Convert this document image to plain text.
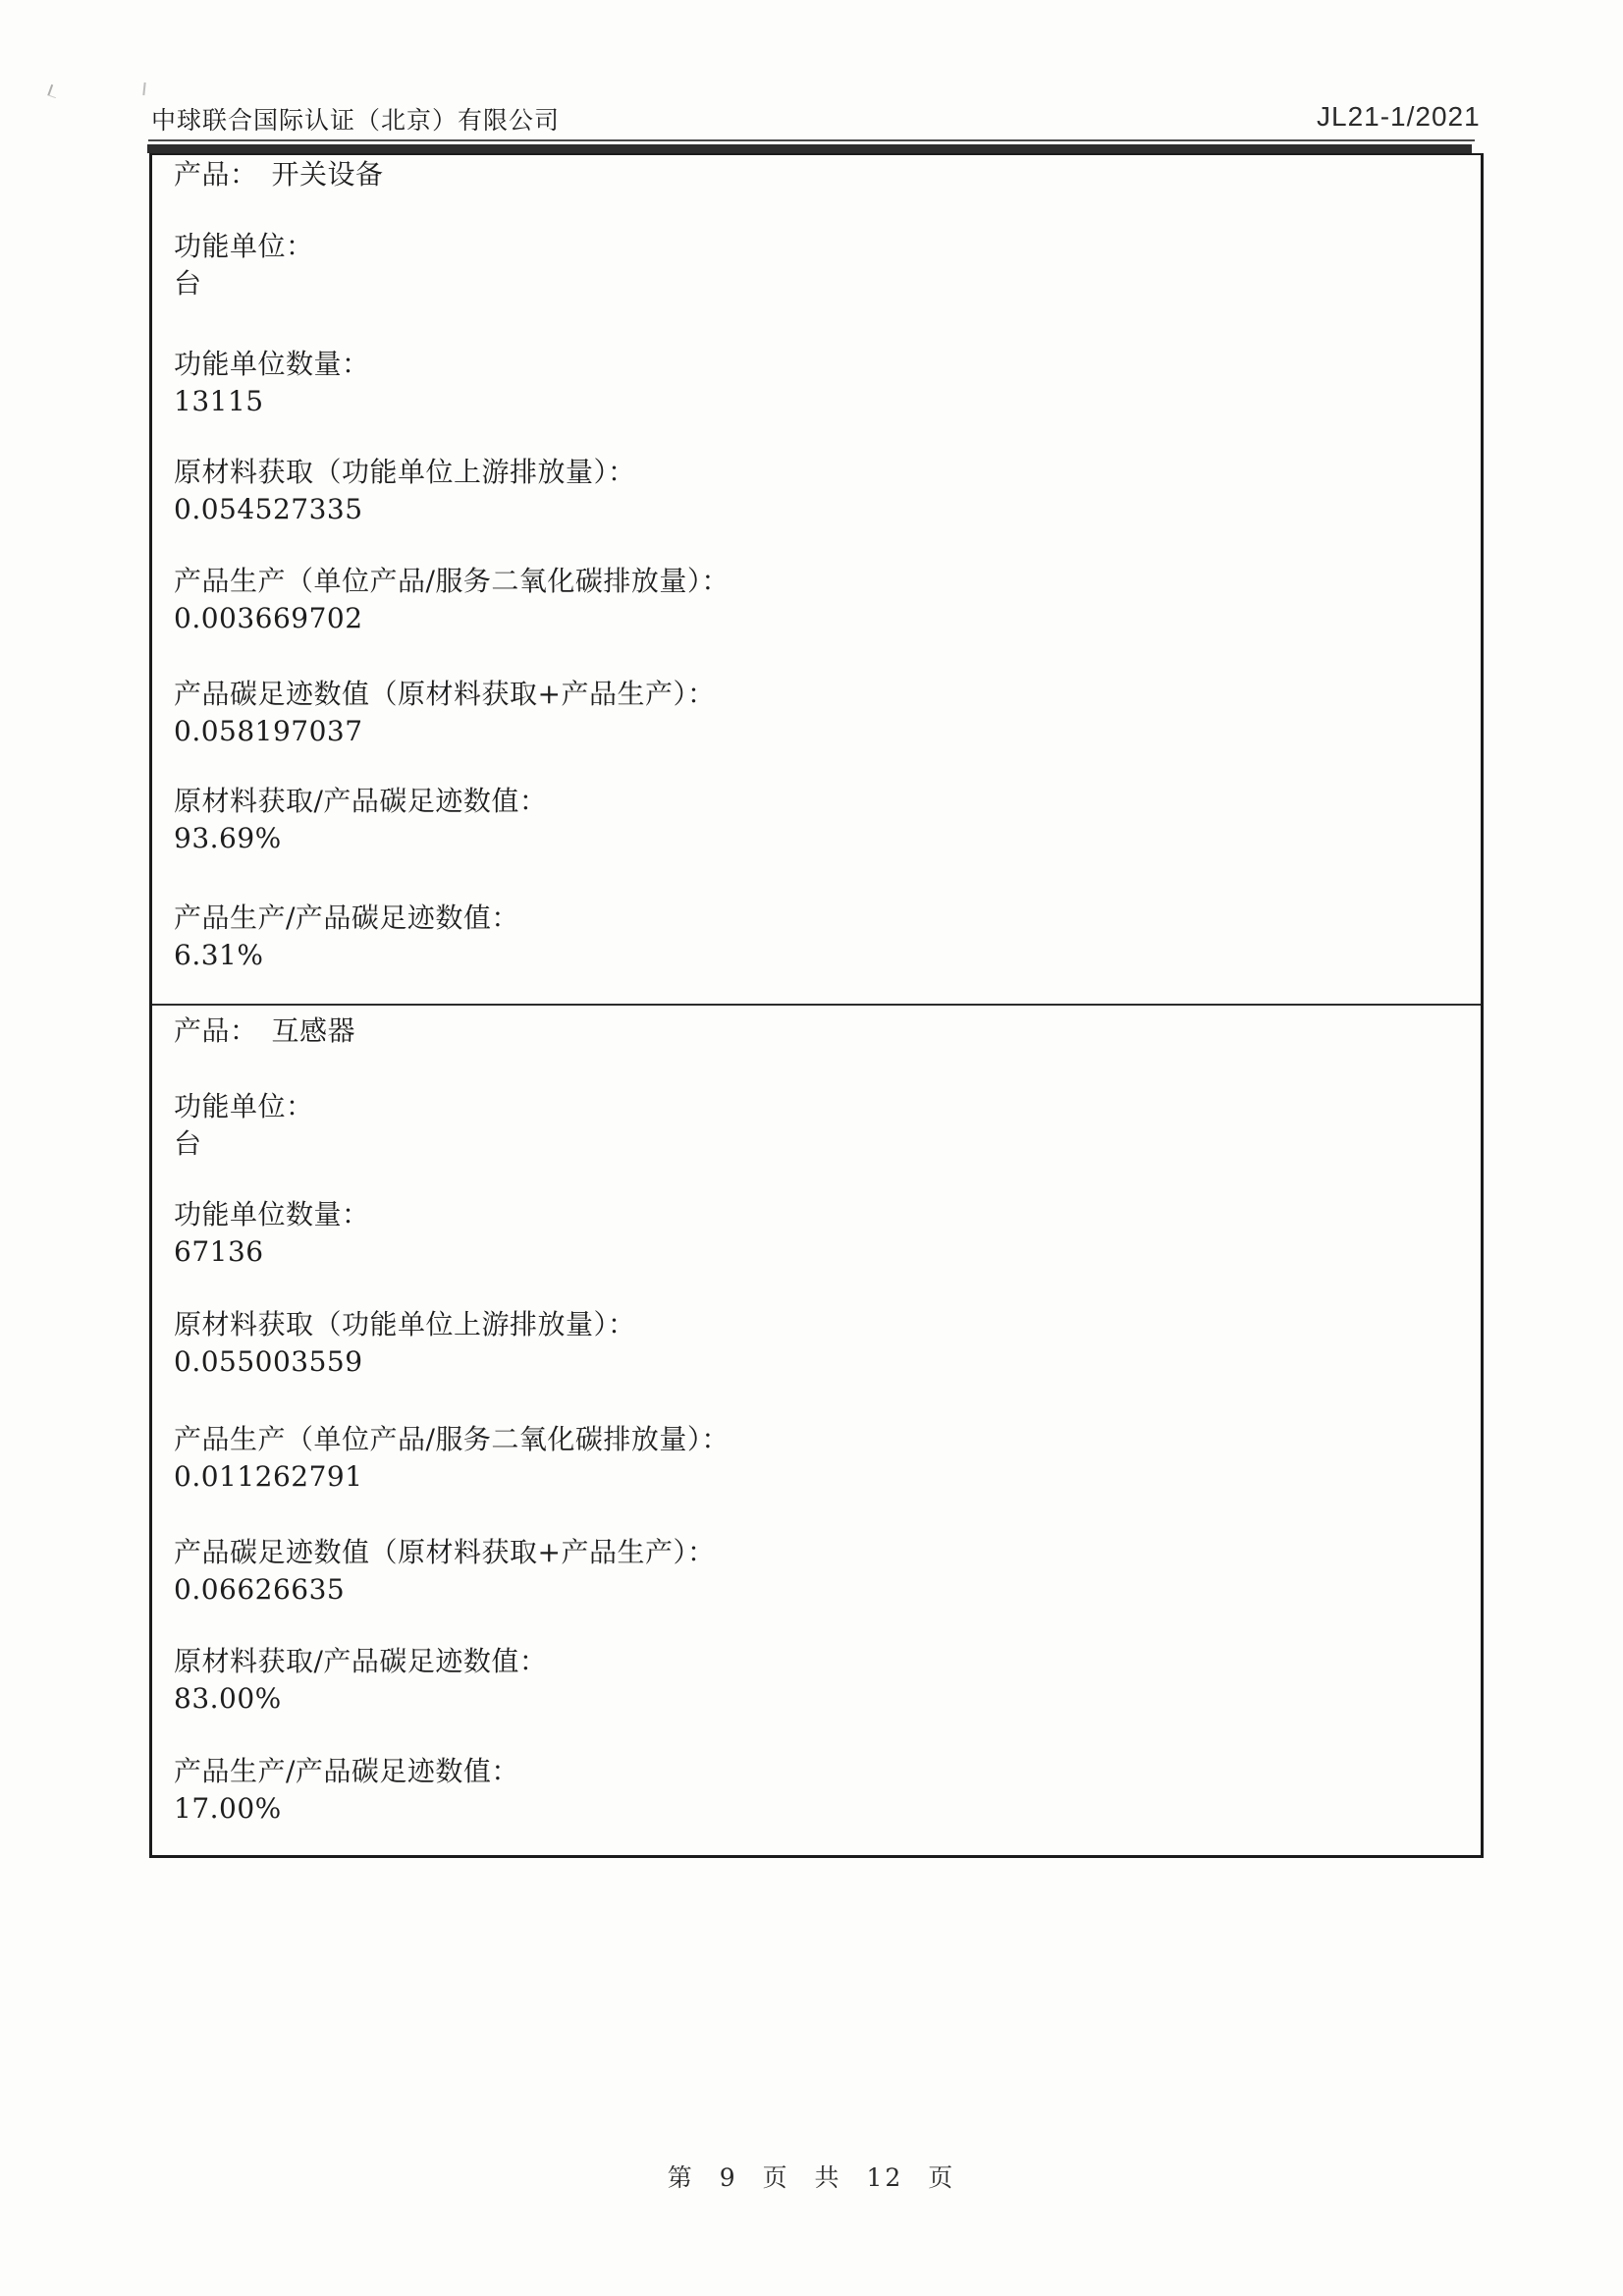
中球联合国际认证（北京）有限公司	JL21-1/2021
产品： 开关设备
功能单位：
台
功能单位数量：
13115
原材料获取（功能单位上游排放量）：
0.054527335
产品生产（单位产品/服务二氧化碳排放量）：
0.003669702
产品碳足迹数值（原材料获取+产品生产）：
0.058197037
原材料获取/产品碳足迹数值：
93.69%
产品生产/产品碳足迹数值：
6.31%
产品： 互感器
功能单位：
台
功能单位数量：
67136
原材料获取（功能单位上游排放量）：
0.055003559
产品生产（单位产品/服务二氧化碳排放量）：
0.011262791
产品碳足迹数值（原材料获取+产品生产）：
0.06626635
原材料获取/产品碳足迹数值：
83.00%
产品生产/产品碳足迹数值：
17.00%
第 9 页 共 12 页
